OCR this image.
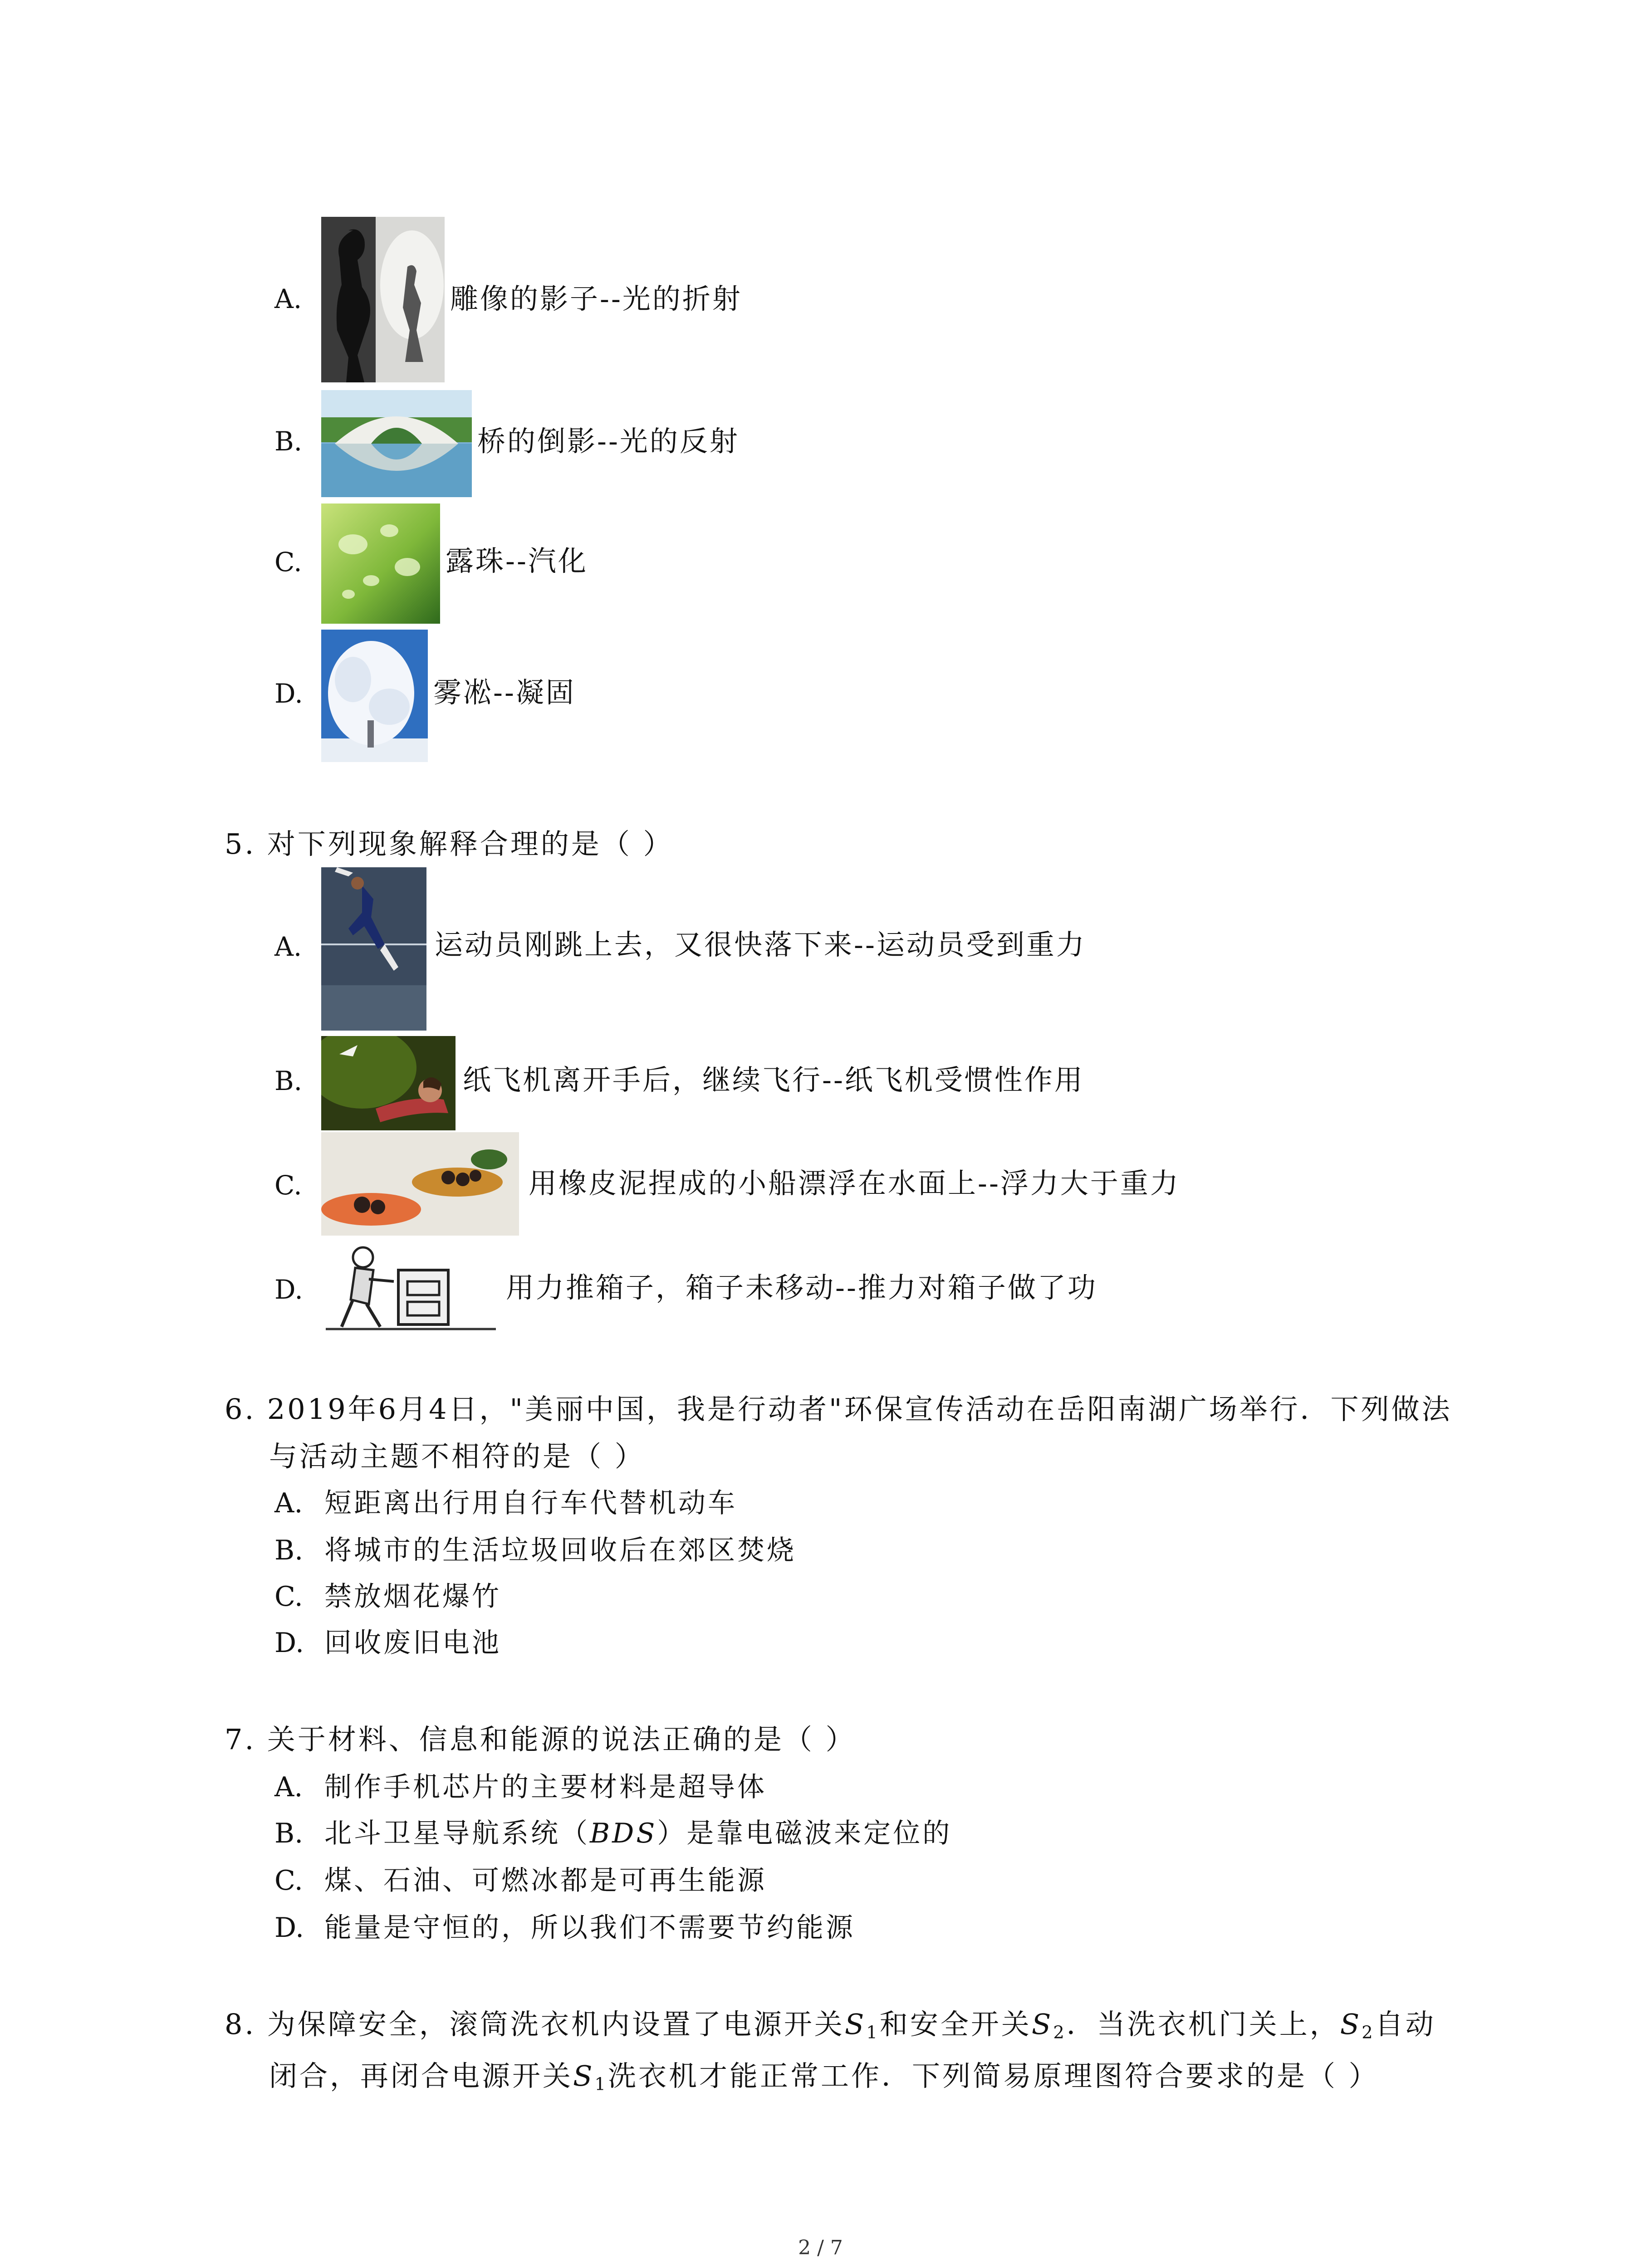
A.	雕像的影子--光的折射
B.	桥的倒影--光的反射
C.	露珠--汽化
D.	雾凇--凝固
5. 对下列现象解释合理的是（ ）
A.	运动员刚跳上去，又很快落下来--运动员受到重力
B.	纸飞机离开手后，继续飞行--纸飞机受惯性作用
C.	用橡皮泥捏成的小船漂浮在水面上--浮力大于重力
D.	用力推箱子，箱子未移动--推力对箱子做了功
6. 2019年6月4日，"美丽中国，我是行动者"环保宣传活动在岳阳南湖广场举行．下列做法
与活动主题不相符的是（ ）
A. 短距离出行用自行车代替机动车
B. 将城市的生活垃圾回收后在郊区焚烧
C. 禁放烟花爆竹
D. 回收废旧电池
7. 关于材料、信息和能源的说法正确的是（ ）
A. 制作手机芯片的主要材料是超导体
B. 北斗卫星导航系统（BDS）是靠电磁波来定位的
C. 煤、石油、可燃冰都是可再生能源
D. 能量是守恒的，所以我们不需要节约能源
8. 为保障安全，滚筒洗衣机内设置了电源开关$S_1$和安全开关$S_2$．当洗衣机门关上，$S_2$自动
闭合，再闭合电源开关$S_1$洗衣机才能正常工作．下列简易原理图符合要求的是（ ）
2 / 7
